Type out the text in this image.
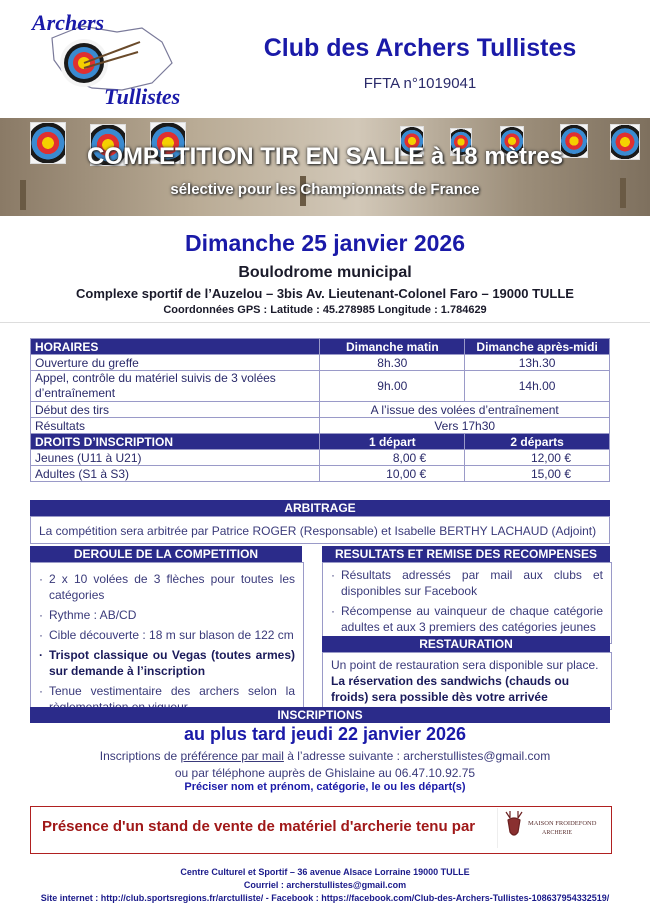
Archers
Tullistes
Club des Archers Tullistes
FFTA n°1019041
COMPETITION TIR EN SALLE à 18 mètres
sélective pour les Championnats de France
Dimanche 25 janvier 2026
Boulodrome municipal
Complexe sportif de l’Auzelou – 3bis Av. Lieutenant-Colonel Faro – 19000 TULLE
Coordonnées GPS : Latitude : 45.278985 Longitude : 1.784629
HORAIRES	Dimanche matin	Dimanche après-midi
Ouverture du greffe	8h.30	13h.30
Appel, contrôle du matériel suivis de 3 volées d’entraînement	9h.00	14h.00
Début des tirs	A l’issue des volées d’entraînement	
Résultats	Vers 17h30	
DROITS D’INSCRIPTION	1 départ	2 départs
Jeunes (U11 à U21)	8,00 €	12,00 €
Adultes (S1 à S3)	10,00 €	15,00 €
ARBITRAGE
La compétition sera arbitrée par Patrice ROGER (Responsable) et Isabelle BERTHY LACHAUD (Adjoint)
DEROULE DE LA COMPETITION
· 2 x 10 volées de 3 flèches pour toutes les catégories
· Rythme : AB/CD
· Cible découverte : 18 m sur blason de 122 cm
· Trispot classique ou Vegas (toutes armes) sur demande à l’inscription
· Tenue vestimentaire des archers selon la
RESULTATS ET REMISE DES RECOMPENSES
· Résultats adressés par mail aux clubs et disponibles sur Facebook
· Récompense au vainqueur de chaque catégorie adultes et aux 3 premiers des catégories jeunes
RESTAURATION
Un point de restauration sera disponible sur place.
La réservation des sandwichs (chauds ou froids) sera possible dès votre arrivée
INSCRIPTIONS
au plus tard jeudi 22 janvier 2026
Inscriptions de préférence par mail à l’adresse suivante : archerstullistes@gmail.com
ou par téléphone auprès de Ghislaine au 06.47.10.92.75
Préciser nom et prénom, catégorie, le ou les départ(s)
Présence d'un stand de vente de matériel d'archerie tenu par	MAISON FROIDEFOND
ARCHERIE
Centre Culturel et Sportif – 36 avenue Alsace Lorraine 19000 TULLE
Courriel : archerstullistes@gmail.com
Site internet : http://club.sportsregions.fr/arctulliste/ - Facebook : https://facebook.com/Club-des-Archers-Tullistes-108637954332519/
